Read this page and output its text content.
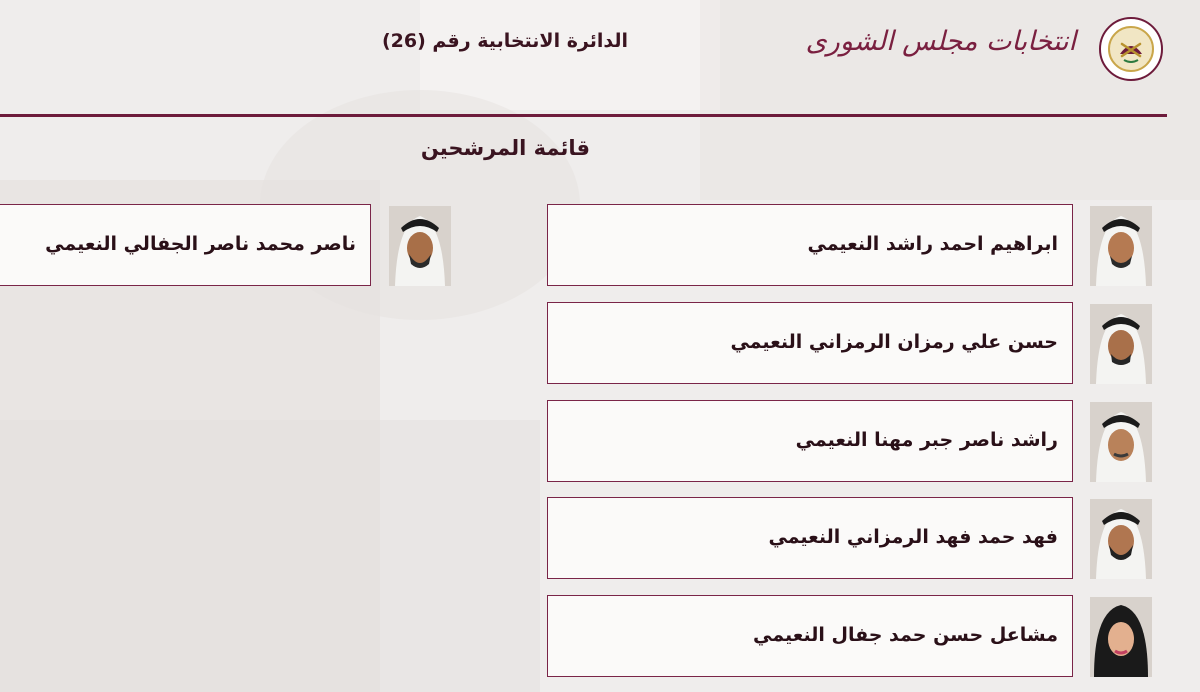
الدائرة الانتخابية رقم (26)	انتخابات مجلس الشورى
قائمة المرشحين
ابراهيم احمد راشد النعيمي
حسن علي رمزان الرمزاني النعيمي
راشد ناصر جبر مهنا النعيمي
فهد حمد فهد الرمزاني النعيمي
مشاعل حسن حمد جفال النعيمي
ناصر محمد ناصر الجفالي النعيمي
